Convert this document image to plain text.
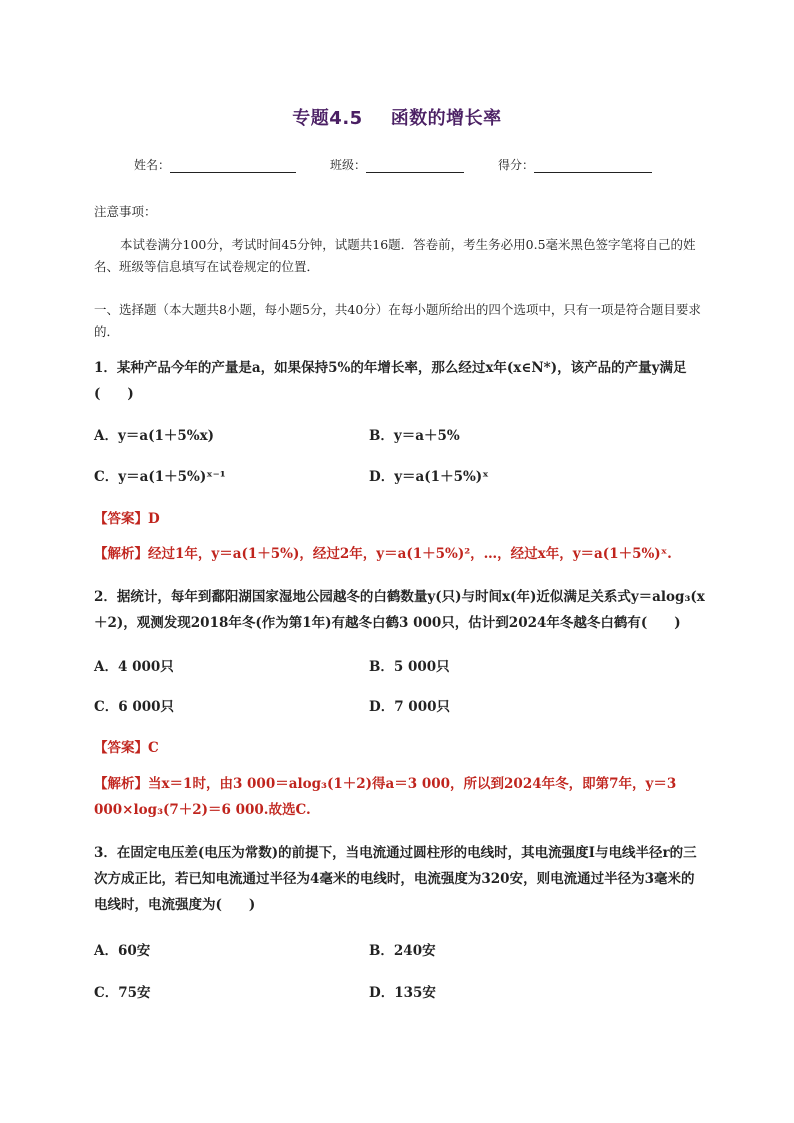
专题4.5 函数的增长率
姓名：	班级：	得分：
注意事项：
本试卷满分100分，考试时间45分钟，试题共16题．答卷前，考生务必用0.5毫米黑色签字笔将自己的姓名、班级等信息填写在试卷规定的位置．
一、选择题（本大题共8小题，每小题5分，共40分）在每小题所给出的四个选项中，只有一项是符合题目要求的．
1．某种产品今年的产量是a，如果保持5%的年增长率，那么经过x年(x∈N*)，该产品的产量y满足(　　)
A．y＝a(1＋5%x)	B．y＝a＋5%
C．y＝a(1＋5%)ˣ⁻¹	D．y＝a(1＋5%)ˣ
【答案】D
【解析】经过1年，y＝a(1＋5%)，经过2年，y＝a(1＋5%)²，…，经过x年，y＝a(1＋5%)ˣ.
2．据统计，每年到鄱阳湖国家湿地公园越冬的白鹤数量y(只)与时间x(年)近似满足关系式y＝alog₃(x＋2)，观测发现2018年冬(作为第1年)有越冬白鹤3 000只，估计到2024年冬越冬白鹤有(　　)
A．4 000只	B．5 000只
C．6 000只	D．7 000只
【答案】C
【解析】当x＝1时，由3 000＝alog₃(1＋2)得a＝3 000，所以到2024年冬，即第7年，y＝3 000×log₃(7＋2)＝6 000.故选C.
3．在固定电压差(电压为常数)的前提下，当电流通过圆柱形的电线时，其电流强度I与电线半径r的三次方成正比，若已知电流通过半径为4毫米的电线时，电流强度为320安，则电流通过半径为3毫米的电线时，电流强度为(　　)
A．60安	B．240安
C．75安	D．135安
